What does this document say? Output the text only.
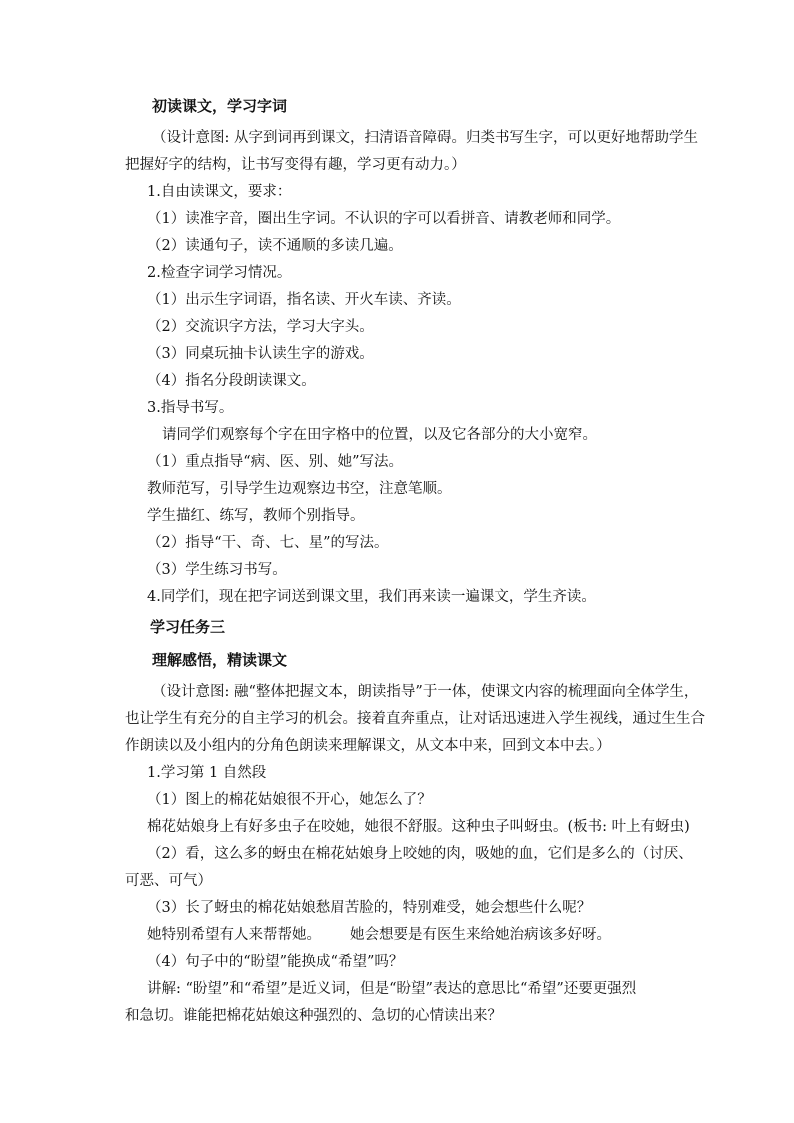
初读课文，学习字词
（设计意图: 从字到词再到课文，扫清语音障碍。归类书写生字，可以更好地帮助学生
把握好字的结构，让书写变得有趣，学习更有动力。）
1.自由读课文，要求：
（1）读准字音，圈出生字词。不认识的字可以看拼音、请教老师和同学。
（2）读通句子，读不通顺的多读几遍。
2.检查字词学习情况。
（1）出示生字词语，指名读、开火车读、齐读。
（2）交流识字方法，学习大字头。
（3）同桌玩抽卡认读生字的游戏。
（4）指名分段朗读课文。
3.指导书写。
请同学们观察每个字在田字格中的位置，以及它各部分的大小宽窄。
（1）重点指导“病、医、别、她”写法。
教师范写，引导学生边观察边书空，注意笔顺。
学生描红、练写，教师个别指导。
（2）指导“干、奇、七、星”的写法。
（3）学生练习书写。
4.同学们，现在把字词送到课文里，我们再来读一遍课文，学生齐读。
学习任务三
理解感悟，精读课文
（设计意图: 融“整体把握文本，朗读指导”于一体，使课文内容的梳理面向全体学生，
也让学生有充分的自主学习的机会。接着直奔重点，让对话迅速进入学生视线，通过生生合
作朗读以及小组内的分角色朗读来理解课文，从文本中来，回到文本中去。）
1.学习第 1 自然段
（1）图上的棉花姑娘很不开心，她怎么了？
棉花姑娘身上有好多虫子在咬她，她很不舒服。这种虫子叫蚜虫。(板书: 叶上有蚜虫)
（2）看，这么多的蚜虫在棉花姑娘身上咬她的肉，吸她的血，它们是多么的（讨厌、
可恶、可气）
（3）长了蚜虫的棉花姑娘愁眉苦脸的，特别难受，她会想些什么呢？
她特别希望有人来帮帮她。 她会想要是有医生来给她治病该多好呀。
（4）句子中的“盼望”能换成“希望”吗？
讲解: “盼望”和“希望”是近义词，但是“盼望”表达的意思比“希望”还要更强烈
和急切。谁能把棉花姑娘这种强烈的、急切的心情读出来？
